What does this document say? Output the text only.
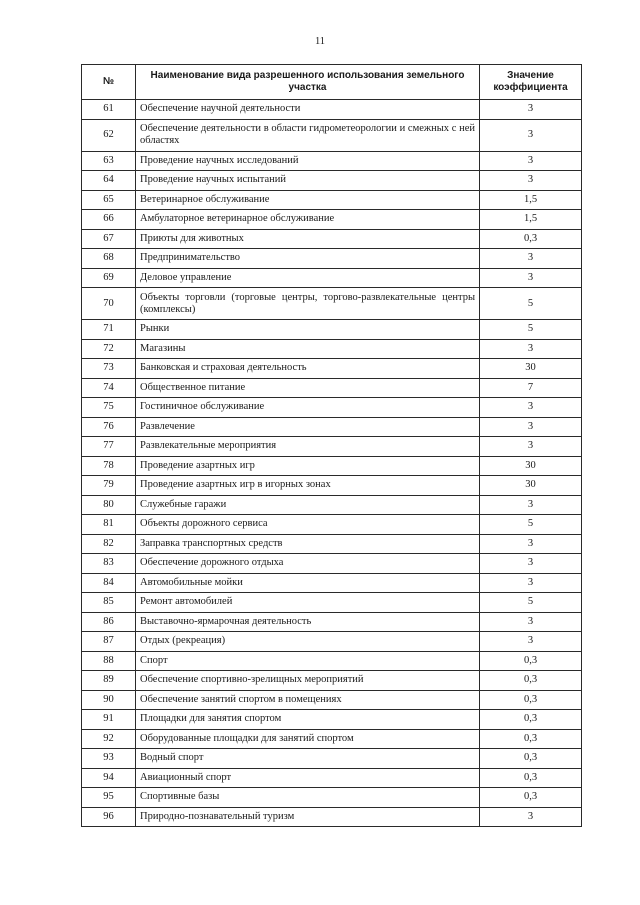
11
№	Наименование вида разрешенного использования земельного участка	Значение коэффициента
61	Обеспечение научной деятельности	3
62	Обеспечение деятельности в области гидрометеорологии и смежных с ней областях	3
63	Проведение научных исследований	3
64	Проведение научных испытаний	3
65	Ветеринарное обслуживание	1,5
66	Амбулаторное ветеринарное обслуживание	1,5
67	Приюты для животных	0,3
68	Предпринимательство	3
69	Деловое управление	3
70	Объекты торговли (торговые центры, торгово-развлекательные центры (комплексы)	5
71	Рынки	5
72	Магазины	3
73	Банковская и страховая деятельность	30
74	Общественное питание	7
75	Гостиничное обслуживание	3
76	Развлечение	3
77	Развлекательные мероприятия	3
78	Проведение азартных игр	30
79	Проведение азартных игр в игорных зонах	30
80	Служебные гаражи	3
81	Объекты дорожного сервиса	5
82	Заправка транспортных средств	3
83	Обеспечение дорожного отдыха	3
84	Автомобильные мойки	3
85	Ремонт автомобилей	5
86	Выставочно-ярмарочная деятельность	3
87	Отдых (рекреация)	3
88	Спорт	0,3
89	Обеспечение спортивно-зрелищных мероприятий	0,3
90	Обеспечение занятий спортом в помещениях	0,3
91	Площадки для занятия спортом	0,3
92	Оборудованные площадки для занятий спортом	0,3
93	Водный спорт	0,3
94	Авиационный спорт	0,3
95	Спортивные базы	0,3
96	Природно-познавательный туризм	3
